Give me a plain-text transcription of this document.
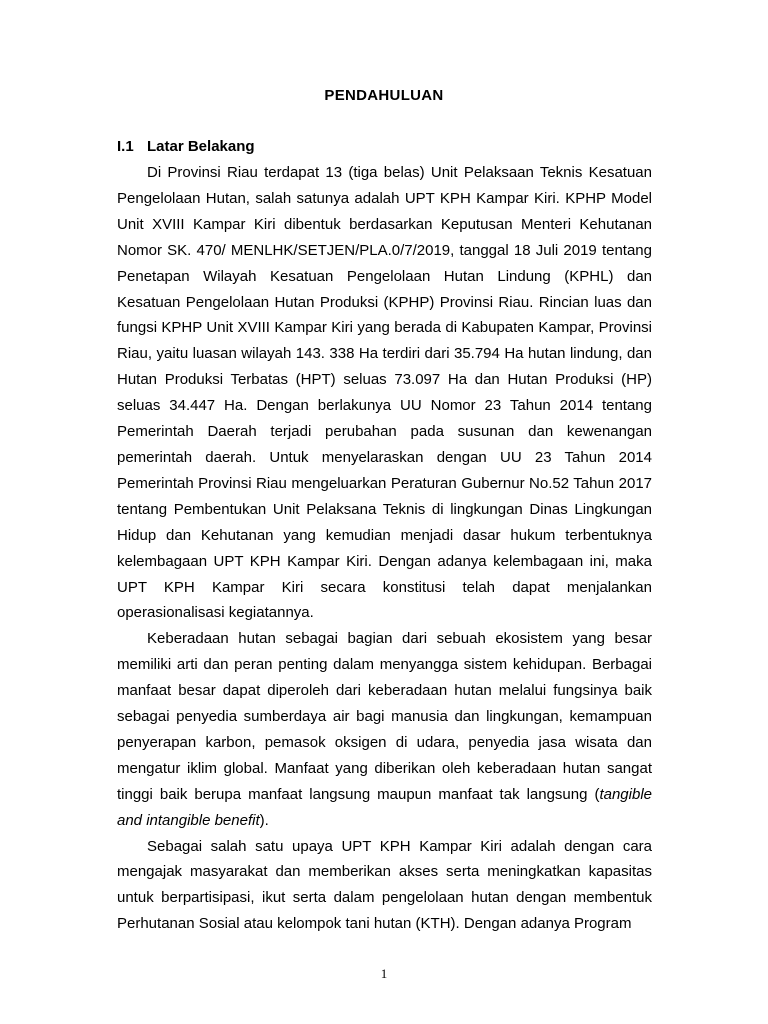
PENDAHULUAN
I.1 Latar Belakang

Di Provinsi Riau terdapat 13 (tiga belas) Unit Pelaksaan Teknis Kesatuan Pengelolaan Hutan, salah satunya adalah UPT KPH Kampar Kiri. KPHP Model Unit XVIII Kampar Kiri dibentuk berdasarkan Keputusan Menteri Kehutanan Nomor SK. 470/ MENLHK/SETJEN/PLA.0/7/2019, tanggal 18 Juli 2019 tentang Penetapan Wilayah Kesatuan Pengelolaan Hutan Lindung (KPHL) dan Kesatuan Pengelolaan Hutan Produksi (KPHP) Provinsi Riau. Rincian luas dan fungsi KPHP Unit XVIII Kampar Kiri yang berada di Kabupaten Kampar, Provinsi Riau, yaitu luasan wilayah 143. 338 Ha terdiri dari 35.794 Ha hutan lindung, dan Hutan Produksi Terbatas (HPT) seluas 73.097 Ha dan Hutan Produksi (HP) seluas 34.447 Ha. Dengan berlakunya UU Nomor 23 Tahun 2014 tentang Pemerintah Daerah terjadi perubahan pada susunan dan kewenangan pemerintah daerah. Untuk menyelaraskan dengan UU 23 Tahun 2014 Pemerintah Provinsi Riau mengeluarkan Peraturan Gubernur No.52 Tahun 2017 tentang Pembentukan Unit Pelaksana Teknis di lingkungan Dinas Lingkungan Hidup dan Kehutanan yang kemudian menjadi dasar hukum terbentuknya kelembagaan UPT KPH Kampar Kiri. Dengan adanya kelembagaan ini, maka UPT KPH Kampar Kiri secara konstitusi telah dapat menjalankan operasionalisasi kegiatannya.

Keberadaan hutan sebagai bagian dari sebuah ekosistem yang besar memiliki arti dan peran penting dalam menyangga sistem kehidupan. Berbagai manfaat besar dapat diperoleh dari keberadaan hutan melalui fungsinya baik sebagai penyedia sumberdaya air bagi manusia dan lingkungan, kemampuan penyerapan karbon, pemasok oksigen di udara, penyedia jasa wisata dan mengatur iklim global. Manfaat yang diberikan oleh keberadaan hutan sangat tinggi baik berupa manfaat langsung maupun manfaat tak langsung (tangible and intangible benefit).

Sebagai salah satu upaya UPT KPH Kampar Kiri adalah dengan cara mengajak masyarakat dan memberikan akses serta meningkatkan kapasitas untuk berpartisipasi, ikut serta dalam pengelolaan hutan dengan membentuk Perhutanan Sosial atau kelompok tani hutan (KTH). Dengan adanya Program

1
